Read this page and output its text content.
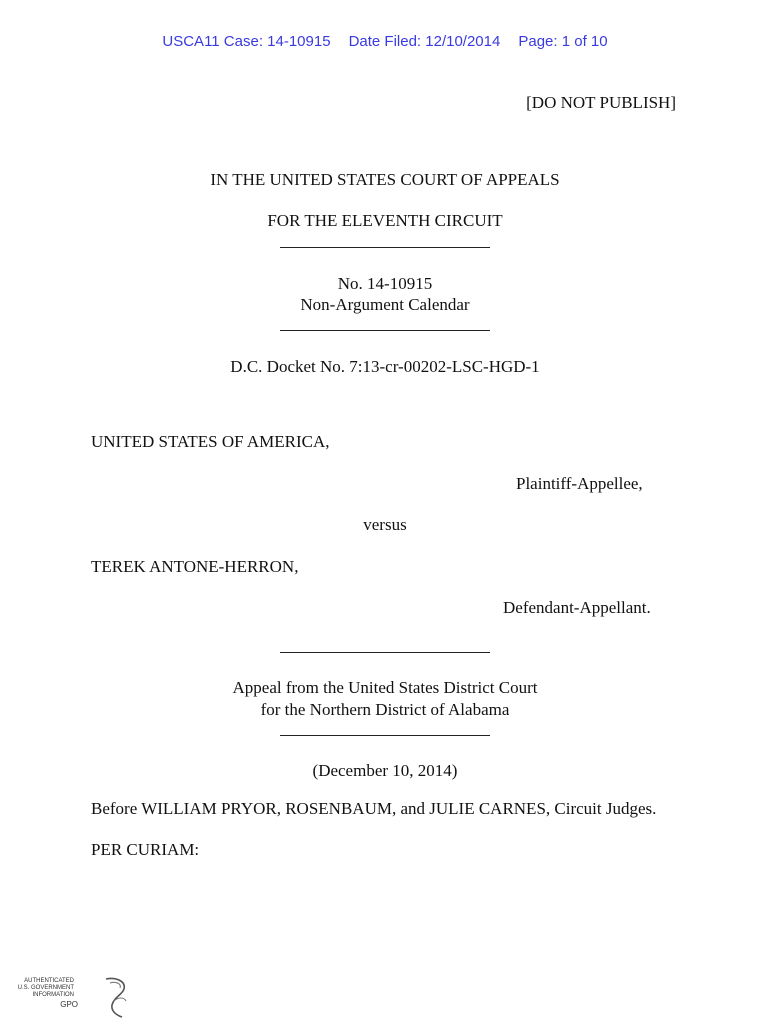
USCA11 Case: 14-10915 Date Filed: 12/10/2014 Page: 1 of 10
[DO NOT PUBLISH]
IN THE UNITED STATES COURT OF APPEALS
FOR THE ELEVENTH CIRCUIT
No. 14-10915
Non-Argument Calendar
D.C. Docket No. 7:13-cr-00202-LSC-HGD-1
UNITED STATES OF AMERICA,
Plaintiff-Appellee,
versus
TEREK ANTONE-HERRON,
Defendant-Appellant.
Appeal from the United States District Court
for the Northern District of Alabama
(December 10, 2014)
Before WILLIAM PRYOR, ROSENBAUM, and JULIE CARNES, Circuit Judges.
PER CURIAM:
AUTHENTICATED
U.S. GOVERNMENT
INFORMATION
GPO
